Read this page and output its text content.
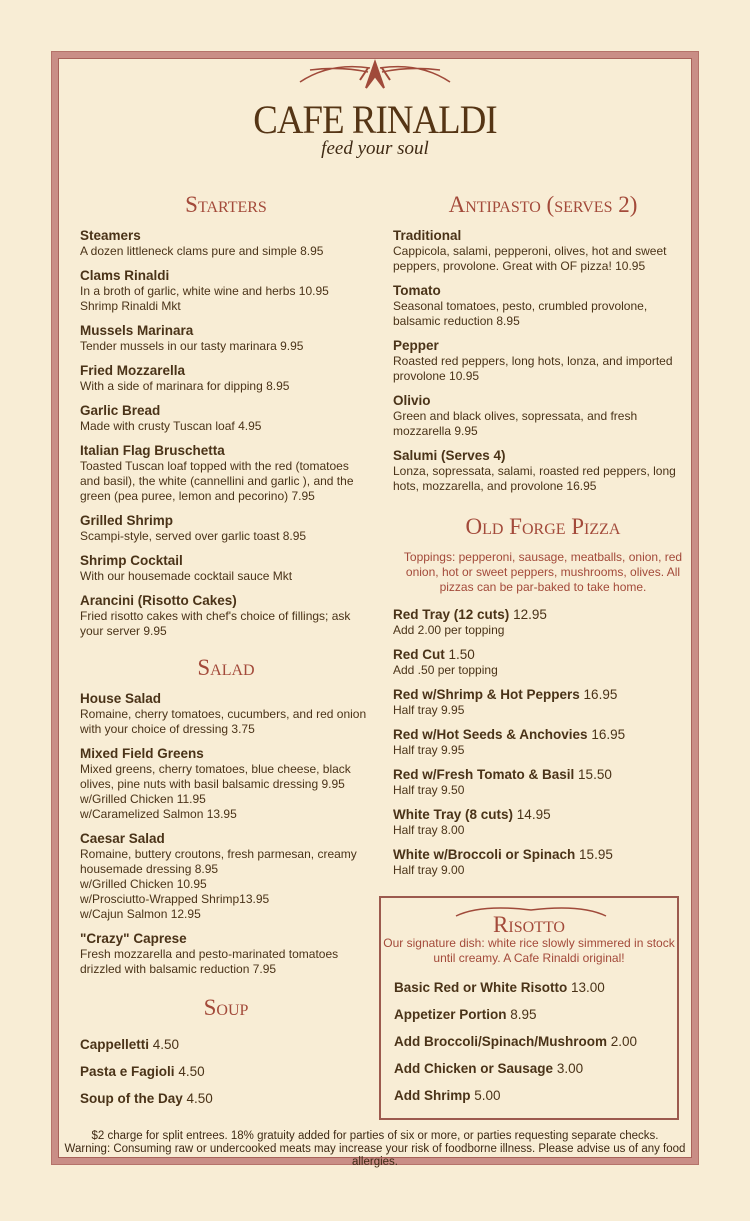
CAFE RINALDI
feed your soul
Starters
Steamers
A dozen littleneck clams pure and simple 8.95
Clams Rinaldi
In a broth of garlic, white wine and herbs 10.95
Shrimp Rinaldi Mkt
Mussels Marinara
Tender mussels in our tasty marinara 9.95
Fried Mozzarella
With a side of marinara for dipping 8.95
Garlic Bread
Made with crusty Tuscan loaf 4.95
Italian Flag Bruschetta
Toasted Tuscan loaf topped with the red (tomatoes and basil), the white (cannellini and garlic ), and the green (pea puree, lemon and pecorino) 7.95
Grilled Shrimp
Scampi-style, served over garlic toast 8.95
Shrimp Cocktail
With our housemade cocktail sauce Mkt
Arancini (Risotto Cakes)
Fried risotto cakes with chef's choice of fillings; ask your server 9.95
Salad
House Salad
Romaine, cherry tomatoes, cucumbers, and red onion with your choice of dressing 3.75
Mixed Field Greens
Mixed greens, cherry tomatoes, blue cheese, black olives, pine nuts with basil balsamic dressing 9.95
w/Grilled Chicken 11.95
w/Caramelized Salmon 13.95
Caesar Salad
Romaine, buttery croutons, fresh parmesan, creamy housemade dressing 8.95
w/Grilled Chicken 10.95
w/Prosciutto-Wrapped Shrimp13.95
w/Cajun Salmon 12.95
"Crazy" Caprese
Fresh mozzarella and pesto-marinated tomatoes drizzled with balsamic reduction 7.95
Soup
Cappelletti 4.50
Pasta e Fagioli 4.50
Soup of the Day 4.50
Antipasto (serves 2)
Traditional
Cappicola, salami, pepperoni, olives, hot and sweet peppers, provolone. Great with OF pizza! 10.95
Tomato
Seasonal tomatoes, pesto, crumbled provolone, balsamic reduction 8.95
Pepper
Roasted red peppers, long hots, lonza, and imported provolone 10.95
Olivio
Green and black olives, sopressata, and fresh mozzarella 9.95
Salumi (Serves 4)
Lonza, sopressata, salami, roasted red peppers, long hots, mozzarella, and provolone 16.95
Old Forge Pizza
Toppings: pepperoni, sausage, meatballs, onion, red onion, hot or sweet peppers, mushrooms, olives. All pizzas can be par-baked to take home.
Red Tray (12 cuts) 12.95
Add 2.00 per topping
Red Cut 1.50
Add .50 per topping
Red w/Shrimp & Hot Peppers 16.95
Half tray 9.95
Red w/Hot Seeds & Anchovies 16.95
Half tray 9.95
Red w/Fresh Tomato & Basil 15.50
Half tray 9.50
White Tray (8 cuts) 14.95
Half tray 8.00
White w/Broccoli or Spinach 15.95
Half tray 9.00
Risotto
Our signature dish: white rice slowly simmered in stock until creamy. A Cafe Rinaldi original!
Basic Red or White Risotto 13.00
Appetizer Portion 8.95
Add Broccoli/Spinach/Mushroom 2.00
Add Chicken or Sausage 3.00
Add Shrimp 5.00
$2 charge for split entrees. 18% gratuity added for parties of six or more, or parties requesting separate checks.
Warning: Consuming raw or undercooked meats may increase your risk of foodborne illness. Please advise us of any food allergies.
